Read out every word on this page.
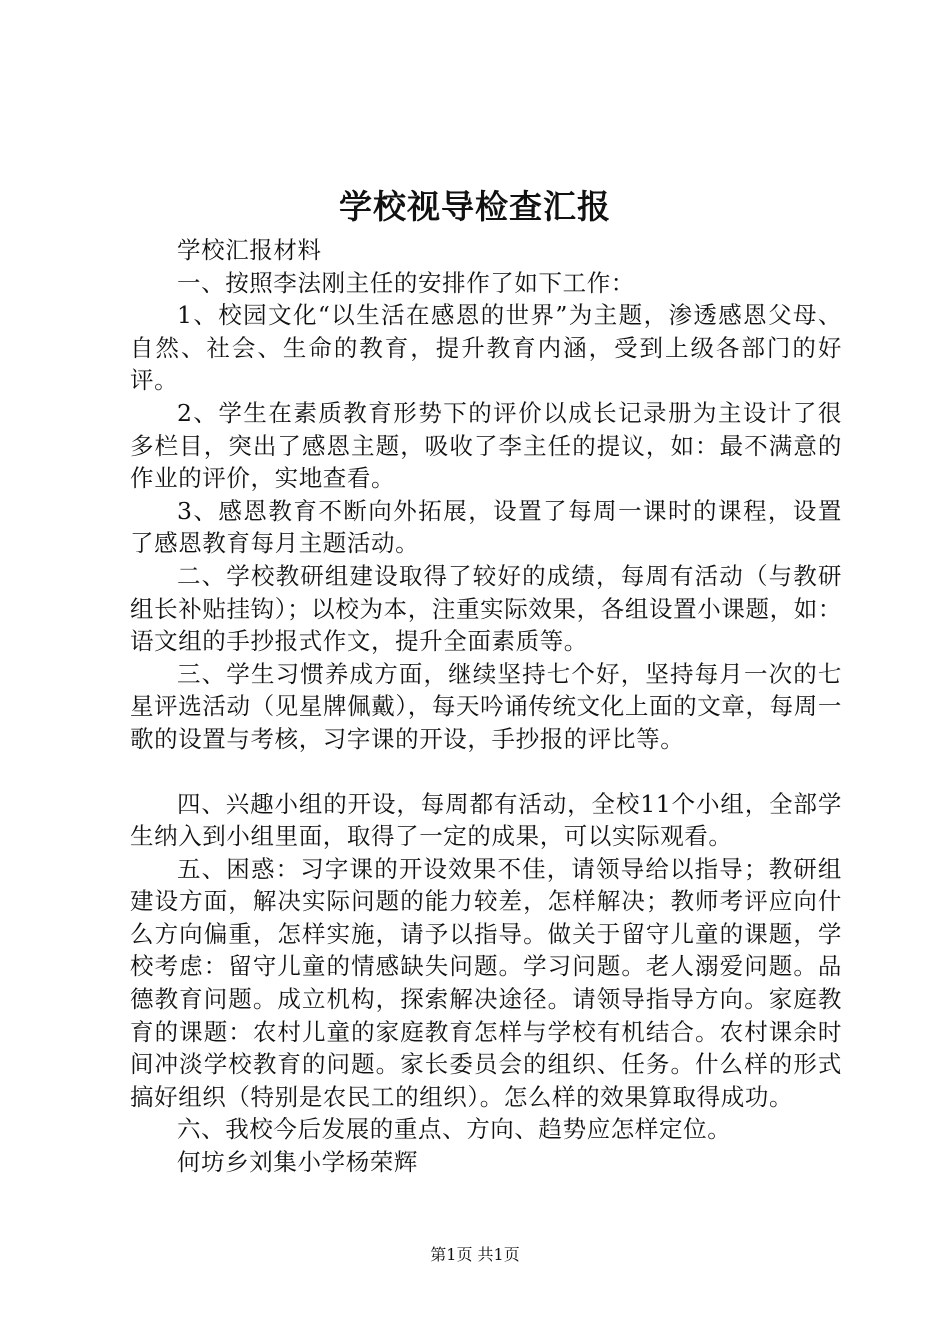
学校视导检查汇报

学校汇报材料

一、按照李法刚主任的安排作了如下工作：

1、校园文化“以生活在感恩的世界”为主题，渗透感恩父母、自然、社会、生命的教育，提升教育内涵，受到上级各部门的好评。

2、学生在素质教育形势下的评价以成长记录册为主设计了很多栏目，突出了感恩主题，吸收了李主任的提议，如：最不满意的作业的评价，实地查看。

3、感恩教育不断向外拓展，设置了每周一课时的课程，设置了感恩教育每月主题活动。

二、学校教研组建设取得了较好的成绩，每周有活动（与教研组长补贴挂钩）；以校为本，注重实际效果，各组设置小课题，如：语文组的手抄报式作文，提升全面素质等。

三、学生习惯养成方面，继续坚持七个好，坚持每月一次的七星评选活动（见星牌佩戴），每天吟诵传统文化上面的文章，每周一歌的设置与考核，习字课的开设，手抄报的评比等。

四、兴趣小组的开设，每周都有活动，全校11个小组，全部学生纳入到小组里面，取得了一定的成果，可以实际观看。

五、困惑：习字课的开设效果不佳，请领导给以指导；教研组建设方面，解决实际问题的能力较差，怎样解决；教师考评应向什么方向偏重，怎样实施，请予以指导。做关于留守儿童的课题，学校考虑：留守儿童的情感缺失问题。学习问题。老人溺爱问题。品德教育问题。成立机构，探索解决途径。请领导指导方向。家庭教育的课题：农村儿童的家庭教育怎样与学校有机结合。农村课余时间冲淡学校教育的问题。家长委员会的组织、任务。什么样的形式搞好组织（特别是农民工的组织）。怎么样的效果算取得成功。

六、我校今后发展的重点、方向、趋势应怎样定位。

何坊乡刘集小学杨荣辉

第1页 共1页
